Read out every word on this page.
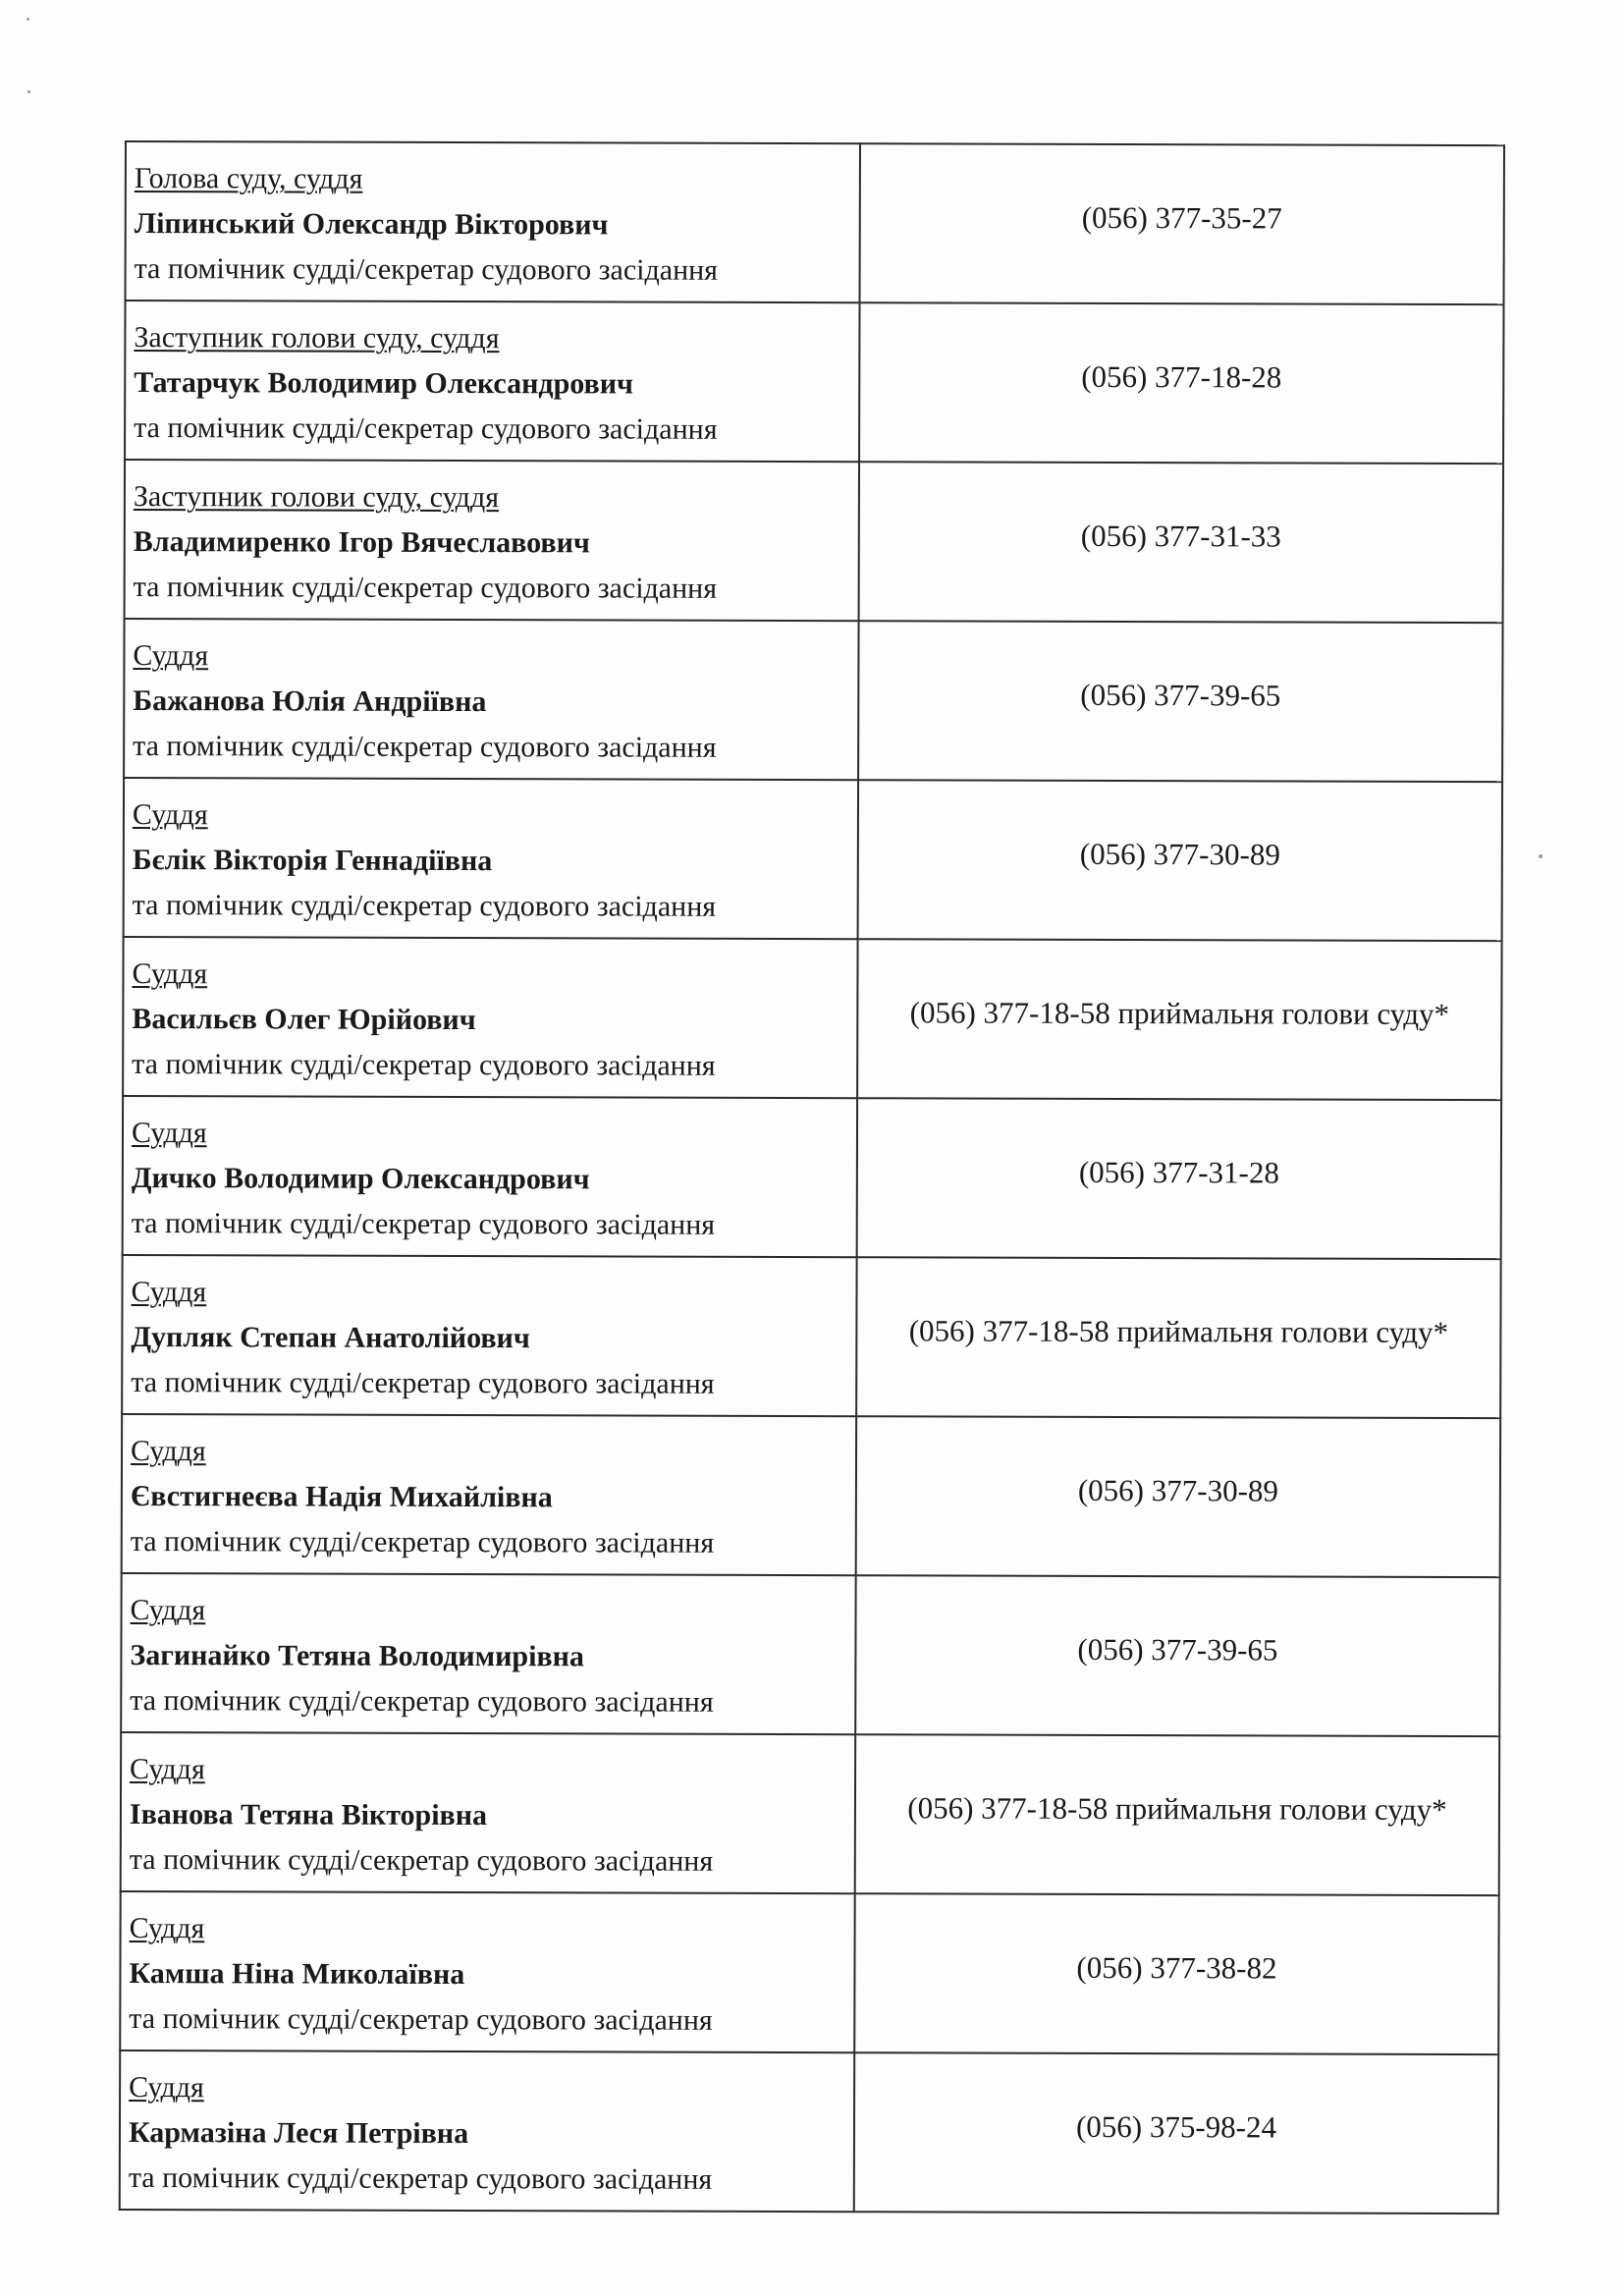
Голова суду, суддя
Ліпинський Олександр Вікторович
та помічник судді/секретар судового засідання	(056) 377-35-27

Заступник голови суду, суддя
Татарчук Володимир Олександрович
та помічник судді/секретар судового засідання	(056) 377-18-28

Заступник голови суду, суддя
Владимиренко Ігор Вячеславович
та помічник судді/секретар судового засідання	(056) 377-31-33

Суддя
Бажанова Юлія Андріївна
та помічник судді/секретар судового засідання	(056) 377-39-65

Суддя
Бєлік Вікторія Геннадіївна
та помічник судді/секретар судового засідання	(056) 377-30-89

Суддя
Васильєв Олег Юрійович
та помічник судді/секретар судового засідання	(056) 377-18-58 приймальня голови суду*

Суддя
Дичко Володимир Олександрович
та помічник судді/секретар судового засідання	(056) 377-31-28

Суддя
Дупляк Степан Анатолійович
та помічник судді/секретар судового засідання	(056) 377-18-58 приймальня голови суду*

Суддя
Євстигнеєва Надія Михайлівна
та помічник судді/секретар судового засідання	(056) 377-30-89

Суддя
Загинайко Тетяна Володимирівна
та помічник судді/секретар судового засідання	(056) 377-39-65

Суддя
Іванова Тетяна Вікторівна
та помічник судді/секретар судового засідання	(056) 377-18-58 приймальня голови суду*

Суддя
Камша Ніна Миколаївна
та помічник судді/секретар судового засідання	(056) 377-38-82

Суддя
Кармазіна Леся Петрівна
та помічник судді/секретар судового засідання	(056) 375-98-24
